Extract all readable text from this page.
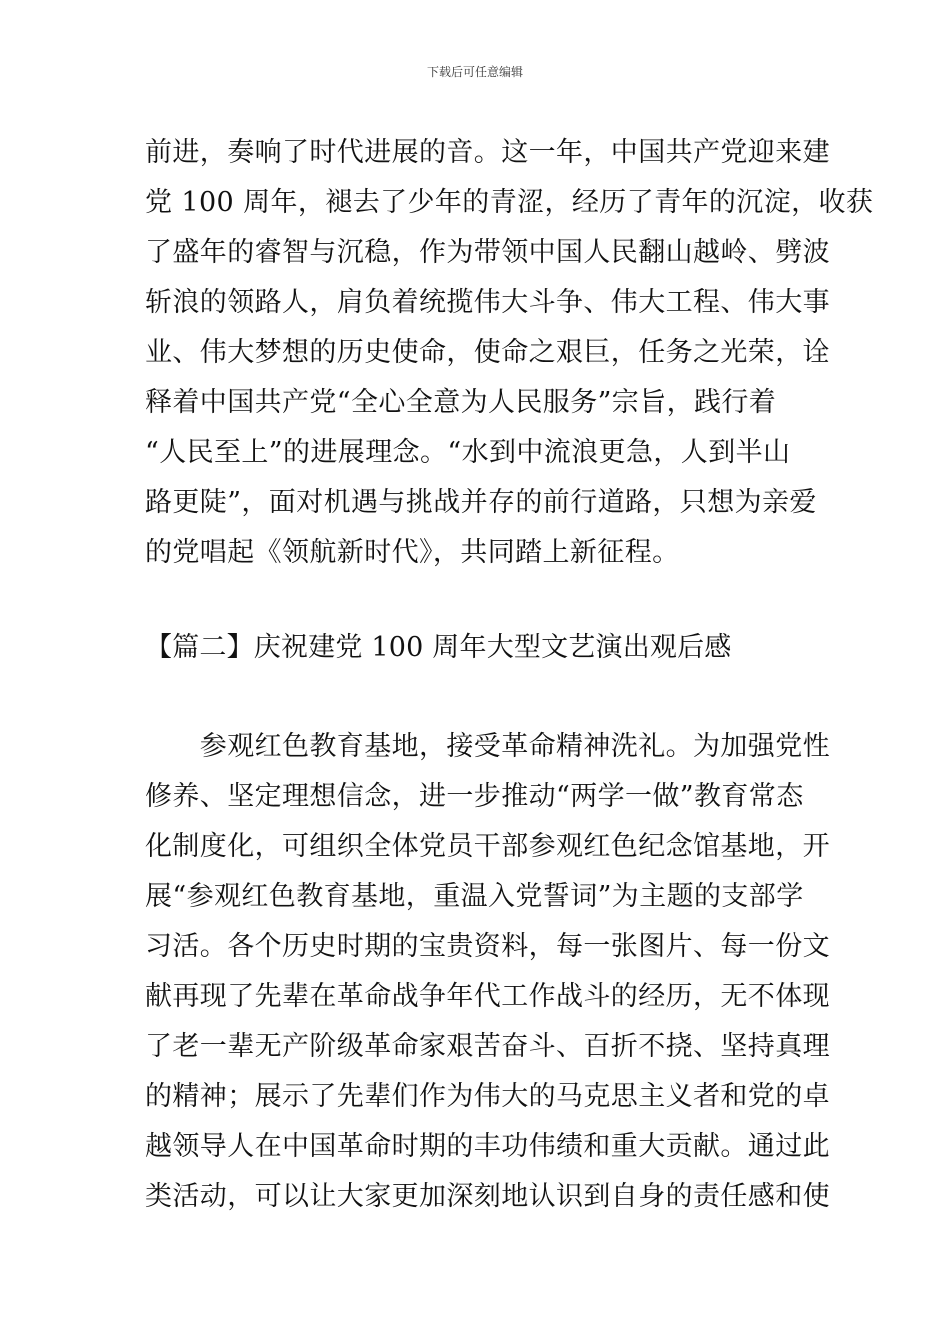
下载后可任意编辑
前进，奏响了时代进展的音。这一年，中国共产党迎来建
党 100 周年，褪去了少年的青涩，经历了青年的沉淀，收获
了盛年的睿智与沉稳，作为带领中国人民翻山越岭、劈波
斩浪的领路人，肩负着统揽伟大斗争、伟大工程、伟大事
业、伟大梦想的历史使命，使命之艰巨，任务之光荣，诠
释着中国共产党“全心全意为人民服务”宗旨，践行着
“人民至上”的进展理念。“水到中流浪更急，人到半山
路更陡”，面对机遇与挑战并存的前行道路，只想为亲爱
的党唱起《领航新时代》，共同踏上新征程。
【篇二】庆祝建党 100 周年大型文艺演出观后感
　　参观红色教育基地，接受革命精神洗礼。为加强党性
修养、坚定理想信念，进一步推动“两学一做”教育常态
化制度化，可组织全体党员干部参观红色纪念馆基地，开
展“参观红色教育基地，重温入党誓词”为主题的支部学
习活。各个历史时期的宝贵资料，每一张图片、每一份文
献再现了先辈在革命战争年代工作战斗的经历，无不体现
了老一辈无产阶级革命家艰苦奋斗、百折不挠、坚持真理
的精神；展示了先辈们作为伟大的马克思主义者和党的卓
越领导人在中国革命时期的丰功伟绩和重大贡献。通过此
类活动，可以让大家更加深刻地认识到自身的责任感和使
